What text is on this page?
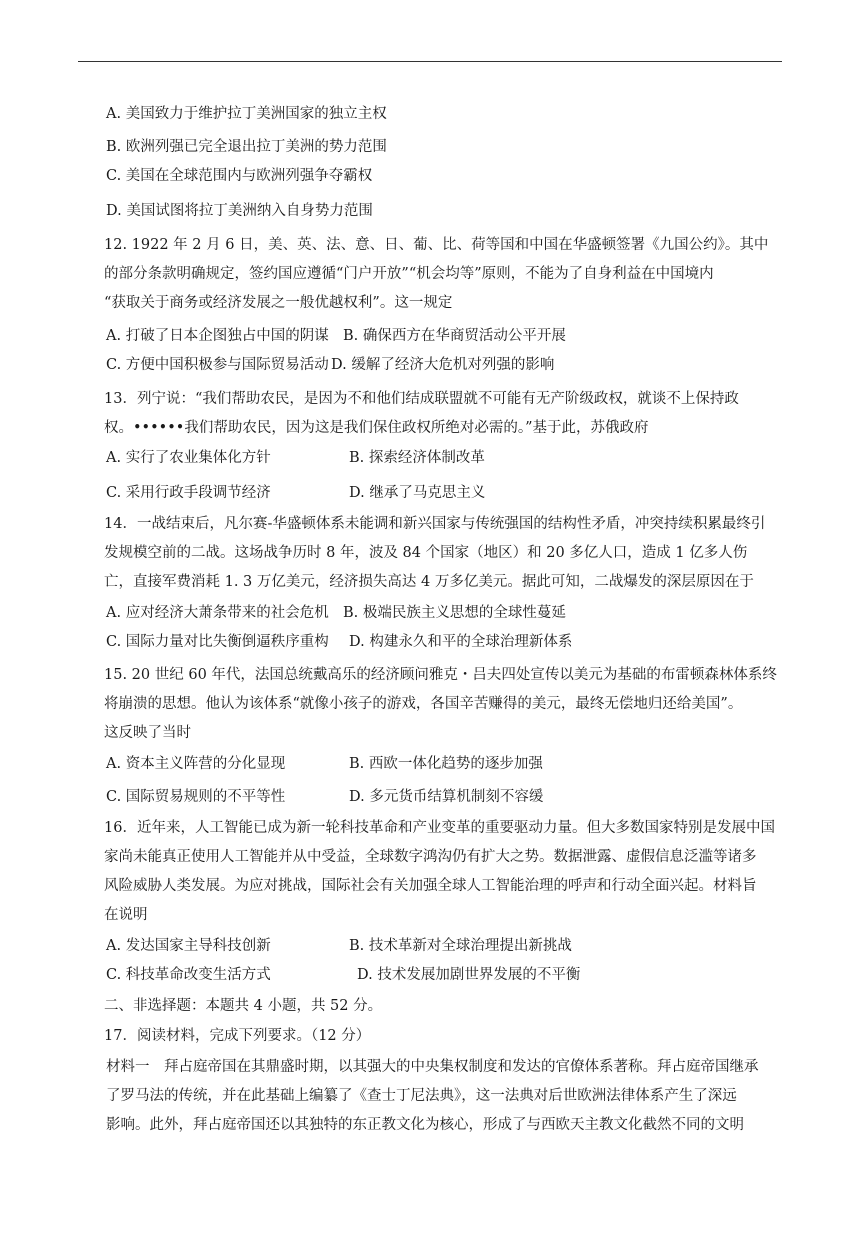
A. 美国致力于维护拉丁美洲国家的独立主权
B. 欧洲列强已完全退出拉丁美洲的势力范围
C. 美国在全球范围内与欧洲列强争夺霸权
D. 美国试图将拉丁美洲纳入自身势力范围
12. 1922 年 2 月 6 日，美、英、法、意、日、葡、比、荷等国和中国在华盛顿签署《九国公约》。其中
的部分条款明确规定，签约国应遵循“门户开放”“机会均等”原则，不能为了自身利益在中国境内
“获取关于商务或经济发展之一般优越权利”。这一规定
A. 打破了日本企图独占中国的阴谋 B. 确保西方在华商贸活动公平开展
C. 方便中国积极参与国际贸易活动 D. 缓解了经济大危机对列强的影响
13．列宁说：“我们帮助农民，是因为不和他们结成联盟就不可能有无产阶级政权，就谈不上保持政
权。••••••我们帮助农民，因为这是我们保住政权所绝对必需的。”基于此，苏俄政府
A. 实行了农业集体化方针	B. 探索经济体制改革
C. 采用行政手段调节经济	D. 继承了马克思主义
14．一战结束后，凡尔赛-华盛顿体系未能调和新兴国家与传统强国的结构性矛盾，冲突持续积累最终引
发规模空前的二战。这场战争历时 8 年，波及 84 个国家（地区）和 20 多亿人口，造成 1 亿多人伤
亡，直接军费消耗 1. 3 万亿美元，经济损失高达 4 万多亿美元。据此可知，二战爆发的深层原因在于
A. 应对经济大萧条带来的社会危机 B. 极端民族主义思想的全球性蔓延
C. 国际力量对比失衡倒逼秩序重构 D. 构建永久和平的全球治理新体系
15. 20 世纪 60 年代，法国总统戴高乐的经济顾问雅克・吕夫四处宣传以美元为基础的布雷顿森林体系终
将崩溃的思想。他认为该体系“就像小孩子的游戏，各国辛苦赚得的美元，最终无偿地归还给美国”。
这反映了当时
A. 资本主义阵营的分化显现	B. 西欧一体化趋势的逐步加强
C. 国际贸易规则的不平等性	D. 多元货币结算机制刻不容缓
16．近年来，人工智能已成为新一轮科技革命和产业变革的重要驱动力量。但大多数国家特别是发展中国
家尚未能真正使用人工智能并从中受益，全球数字鸿沟仍有扩大之势。数据泄露、虚假信息泛滥等诸多
风险威胁人类发展。为应对挑战，国际社会有关加强全球人工智能治理的呼声和行动全面兴起。材料旨
在说明
A. 发达国家主导科技创新	B. 技术革新对全球治理提出新挑战
C. 科技革命改变生活方式	D. 技术发展加剧世界发展的不平衡
二、非选择题：本题共 4 小题，共 52 分。
17．阅读材料，完成下列要求。（12 分）
材料一　拜占庭帝国在其鼎盛时期，以其强大的中央集权制度和发达的官僚体系著称。拜占庭帝国继承
了罗马法的传统，并在此基础上编纂了《查士丁尼法典》，这一法典对后世欧洲法律体系产生了深远
影响。此外，拜占庭帝国还以其独特的东正教文化为核心，形成了与西欧天主教文化截然不同的文明
